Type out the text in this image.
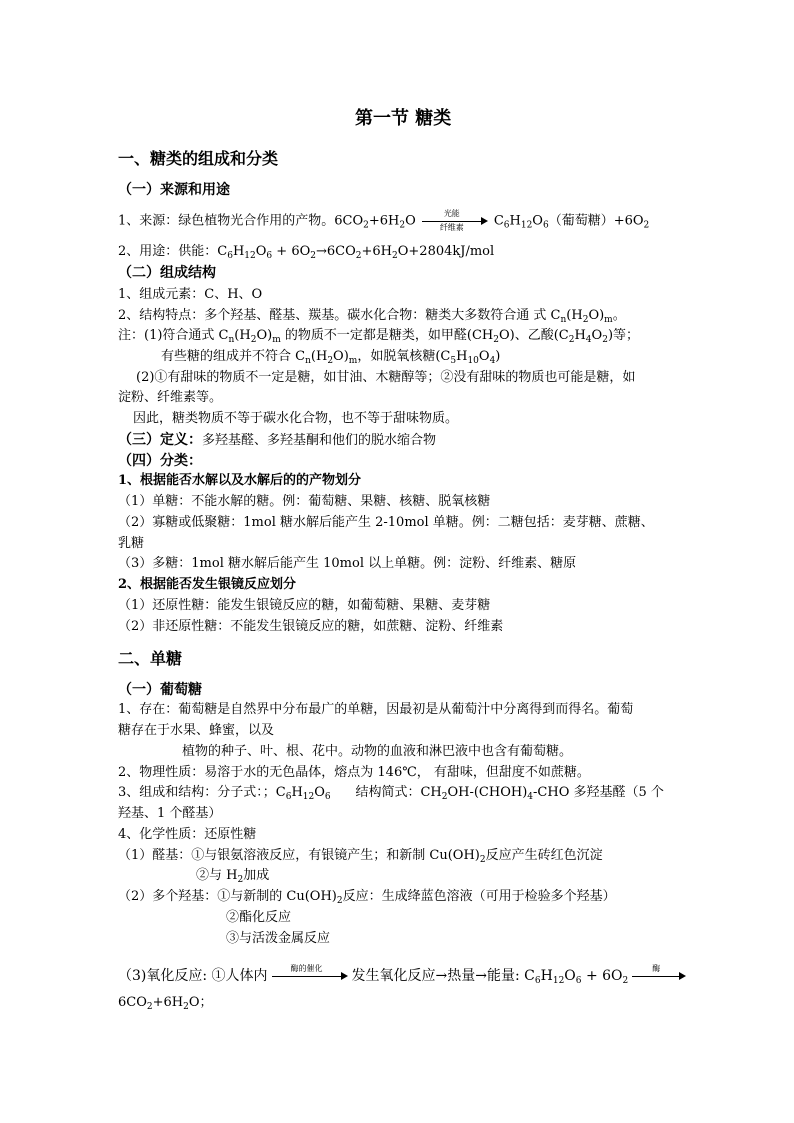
第一节 糖类
一、糖类的组成和分类
（一）来源和用途
1、来源：绿色植物光合作用的产物。$6CO_2+6H_2O$	光能
纤维素	$C_6H_{12}O_6$（葡萄糖）$+6O_2$
2、用途：供能：$C_6H_{12}O_6 + 6O_2\to 6CO_2+6H_2O+2804kJ/mol$
（二）组成结构
1、组成元素：C、H、O
2、结构特点：多个羟基、醛基、羰基。碳水化合物：糖类大多数符合通 式 $C_n(H_2O)_m$。
注：(1)符合通式 $C_n(H_2O)_m$ 的物质不一定都是糖类，如甲醛$(CH_2O)$、乙酸$(C_2H_4O_2)$等；
有些糖的组成并不符合 $C_n(H_2O)_m$，如脱氧核糖$(C_5H_{10}O_4)$
(2)①有甜味的物质不一定是糖，如甘油、木糖醇等；②没有甜味的物质也可能是糖，如
淀粉、纤维素等。
因此，糖类物质不等于碳水化合物，也不等于甜味物质。
（三）定义：多羟基醛、多羟基酮和他们的脱水缩合物
（四）分类：
1、根据能否水解以及水解后的的产物划分
（1）单糖：不能水解的糖。例：葡萄糖、果糖、核糖、脱氧核糖
（2）寡糖或低聚糖：1mol 糖水解后能产生 2-10mol 单糖。例：二糖包括：麦芽糖、蔗糖、
乳糖
（3）多糖：1mol 糖水解后能产生 10mol 以上单糖。例：淀粉、纤维素、糖原
2、根据能否发生银镜反应划分
（1）还原性糖：能发生银镜反应的糖，如葡萄糖、果糖、麦芽糖
（2）非还原性糖：不能发生银镜反应的糖，如蔗糖、淀粉、纤维素
二、单糖
（一）葡萄糖
1、存在：葡萄糖是自然界中分布最广的单糖，因最初是从葡萄汁中分离得到而得名。葡萄
糖存在于水果、蜂蜜，以及
植物的种子、叶、根、花中。动物的血液和淋巴液中也含有葡萄糖。
2、物理性质：易溶于水的无色晶体，熔点为 146℃， 有甜味，但甜度不如蔗糖。
3、组成和结构：分子式：；$C_6H_{12}O_6$      结构简式：$CH_2OH-(CHOH)_4$-CHO 多羟基醛（5 个
羟基、1 个醛基）
4、化学性质：还原性糖
（1）醛基：①与银氨溶液反应，有银镜产生；和新制 $Cu(OH)_2$反应产生砖红色沉淀
②与 $H_2$加成
（2）多个羟基：①与新制的 $Cu(OH)_2$反应：生成绛蓝色溶液（可用于检验多个羟基）
②酯化反应
③与活泼金属反应
（3)氧化反应: ①人体内	酶的催化	发生氧化反应→热量→能量: $C_6H_{12}O_6 + 6O_2$
酶
$6CO_2+6H_2O$；
